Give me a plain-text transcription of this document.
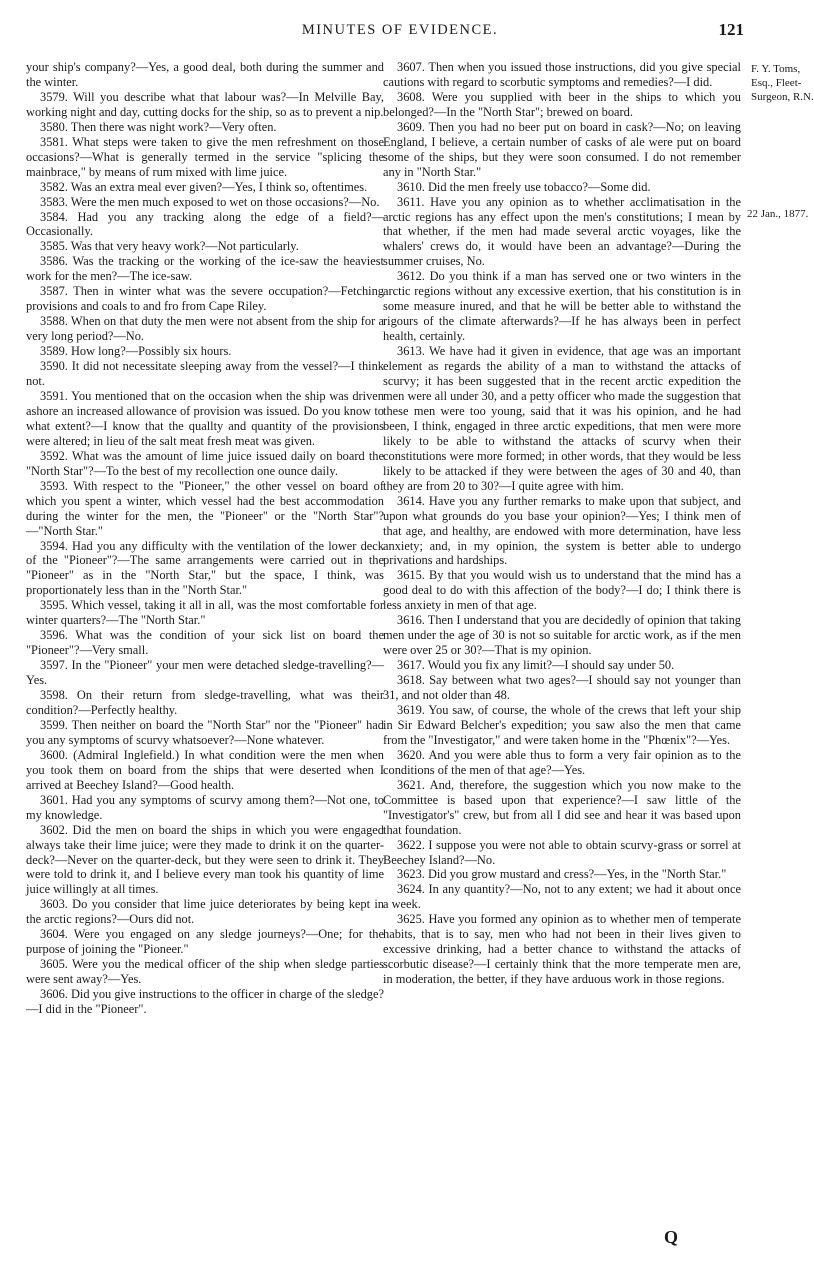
MINUTES OF EVIDENCE.	121

your ship's company?—Yes, a good deal, both during the summer and the winter.

3579. Will you describe what that labour was?—In Melville Bay, working night and day, cutting docks for the ship, so as to prevent a nip.

3580. Then there was night work?—Very often.

3581. What steps were taken to give the men refreshment on those occasions?—What is generally termed in the service "splicing the mainbrace," by means of rum mixed with lime juice.

3582. Was an extra meal ever given?—Yes, I think so, oftentimes.

3583. Were the men much exposed to wet on those occasions?—No.

3584. Had you any tracking along the edge of a field?—Occasionally.

3585. Was that very heavy work?—Not particularly.

3586. Was the tracking or the working of the ice-saw the heaviest work for the men?—The ice-saw.

3587. Then in winter what was the severe occupation?—Fetching provisions and coals to and fro from Cape Riley.

3588. When on that duty the men were not absent from the ship for a very long period?—No.

3589. How long?—Possibly six hours.

3590. It did not necessitate sleeping away from the vessel?—I think not.

3591. You mentioned that on the occasion when the ship was driven ashore an increased allowance of provision was issued. Do you know to what extent?—I know that the quallty and quantity of the provisions were altered; in lieu of the salt meat fresh meat was given.

3592. What was the amount of lime juice issued daily on board the "North Star"?—To the best of my recollection one ounce daily.

3593. With respect to the "Pioneer," the other vessel on board of which you spent a winter, which vessel had the best accommodation during the winter for the men, the "Pioneer" or the "North Star"?—"North Star."

3594. Had you any difficulty with the ventilation of the lower deck of the "Pioneer"?—The same arrangements were carried out in the "Pioneer" as in the "North Star," but the space, I think, was proportionately less than in the "North Star."

3595. Which vessel, taking it all in all, was the most comfortable for winter quarters?—The "North Star."

3596. What was the condition of your sick list on board the "Pioneer"?—Very small.

3597. In the "Pioneer" your men were detached sledge-travelling?—Yes.

3598. On their return from sledge-travelling, what was their condition?—Perfectly healthy.

3599. Then neither on board the "North Star" nor the "Pioneer" had you any symptoms of scurvy whatsoever?—None whatever.

3600. (Admiral Inglefield.) In what condition were the men when you took them on board from the ships that were deserted when I arrived at Beechey Island?—Good health.

3601. Had you any symptoms of scurvy among them?—Not one, to my knowledge.

3602. Did the men on board the ships in which you were engaged always take their lime juice; were they made to drink it on the quarter-deck?—Never on the quarter-deck, but they were seen to drink it. They were told to drink it, and I believe every man took his quantity of lime juice willingly at all times.

3603. Do you consider that lime juice deteriorates by being kept in the arctic regions?—Ours did not.

3604. Were you engaged on any sledge journeys?—One; for the purpose of joining the "Pioneer."

3605. Were you the medical officer of the ship when sledge parties were sent away?—Yes.

3606. Did you give instructions to the officer in charge of the sledge?—I did in the "Pioneer".

3607. Then when you issued those instructions, did you give special cautions with regard to scorbutic symptoms and remedies?—I did.

3608. Were you supplied with beer in the ships to which you belonged?—In the "North Star"; brewed on board.

3609. Then you had no beer put on board in cask?—No; on leaving England, I believe, a certain number of casks of ale were put on board some of the ships, but they were soon consumed. I do not remember any in "North Star."

3610. Did the men freely use tobacco?—Some did.

3611. Have you any opinion as to whether acclimatisation in the arctic regions has any effect upon the men's constitutions; I mean by that whether, if the men had made several arctic voyages, like the whalers' crews do, it would have been an advantage?—During the summer cruises, No.

3612. Do you think if a man has served one or two winters in the arctic regions without any excessive exertion, that his constitution is in some measure inured, and that he will be better able to withstand the rigours of the climate afterwards?—If he has always been in perfect health, certainly.

3613. We have had it given in evidence, that age was an important element as regards the ability of a man to withstand the attacks of scurvy; it has been suggested that in the recent arctic expedition the men were all under 30, and a petty officer who made the suggestion that these men were too young, said that it was his opinion, and he had been, I think, engaged in three arctic expeditions, that men were more likely to be able to withstand the attacks of scurvy when their constitutions were more formed; in other words, that they would be less likely to be attacked if they were between the ages of 30 and 40, than they are from 20 to 30?—I quite agree with him.

3614. Have you any further remarks to make upon that subject, and upon what grounds do you base your opinion?—Yes; I think men of that age, and healthy, are endowed with more determination, have less anxiety; and, in my opinion, the system is better able to undergo privations and hardships.

3615. By that you would wish us to understand that the mind has a good deal to do with this affection of the body?—I do; I think there is less anxiety in men of that age.

3616. Then I understand that you are decidedly of opinion that taking men under the age of 30 is not so suitable for arctic work, as if the men were over 25 or 30?—That is my opinion.

3617. Would you fix any limit?—I should say under 50.

3618. Say between what two ages?—I should say not younger than 31, and not older than 48.

3619. You saw, of course, the whole of the crews that left your ship in Sir Edward Belcher's expedition; you saw also the men that came from the "Investigator," and were taken home in the "Phœnix"?—Yes.

3620. And you were able thus to form a very fair opinion as to the conditions of the men of that age?—Yes.

3621. And, therefore, the suggestion which you now make to the Committee is based upon that experience?—I saw little of the "Investigator's" crew, but from all I did see and hear it was based upon that foundation.

3622. I suppose you were not able to obtain scurvy-grass or sorrel at Beechey Island?—No.

3623. Did you grow mustard and cress?—Yes, in the "North Star."

3624. In any quantity?—No, not to any extent; we had it about once a week.

3625. Have you formed any opinion as to whether men of temperate habits, that is to say, men who had not been in their lives given to excessive drinking, had a better chance to withstand the attacks of scorbutic disease?—I certainly think that the more temperate men are, in moderation, the better, if they have arduous work in those regions.

F. Y. Toms,
Esq., Fleet-
Surgeon, R.N.
22 Jan., 1877.
Q
